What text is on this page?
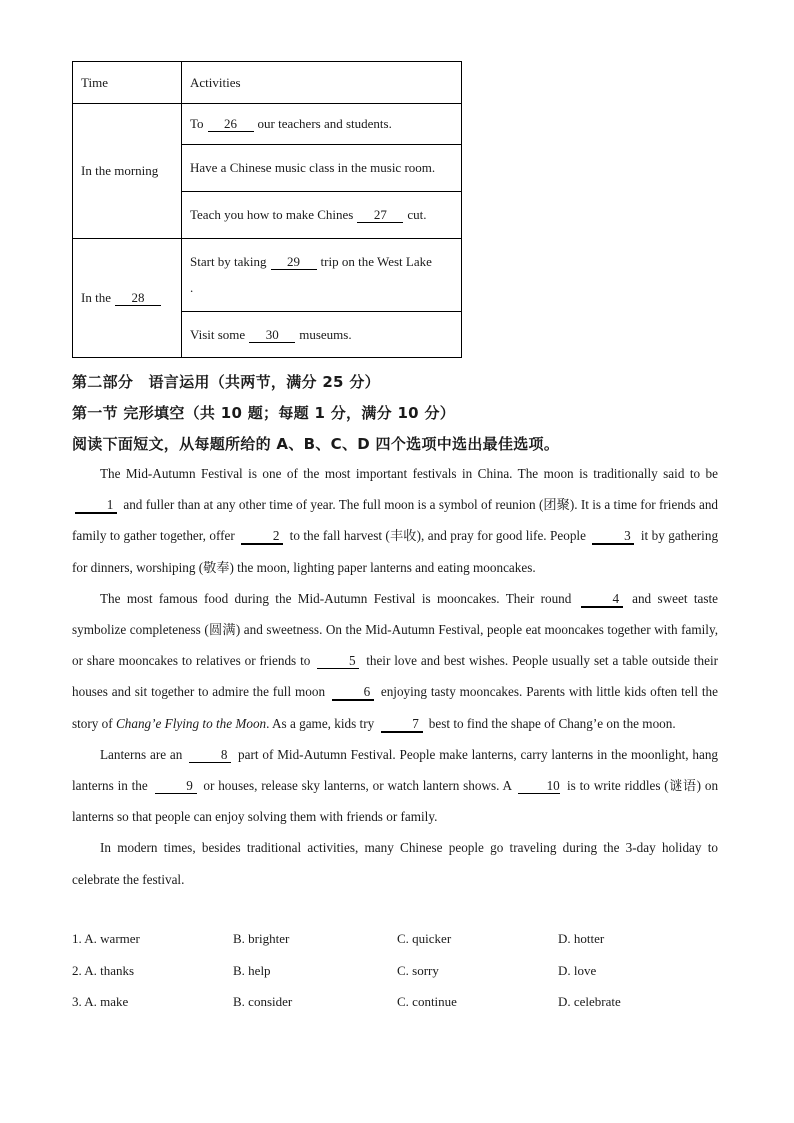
Time	Activities
In the morning	To 26 our teachers and students.
	Have a Chinese music class in the music room.
	Teach you how to make Chines 27 cut.
In the 28	Start by taking 29 trip on the West Lake
.

	Visit some 30 museums.
第二部分　语言运用（共两节，满分 25 分）
第一节 完形填空（共 10 题；每题 1 分，满分 10 分）
阅读下面短文，从每题所给的 A、B、C、D 四个选项中选出最佳选项。

The Mid-Autumn Festival is one of the most important festivals in China. The moon is traditionally said to be 1 and fuller than at any other time of year. The full moon is a symbol of reunion (团聚). It is a time for friends and family to gather together, offer	2 to the fall harvest (丰收), and pray for good life. People	3 it by gathering for dinners, worshiping (敬奉) the moon, lighting paper lanterns and eating mooncakes.

The most famous food during the Mid-Autumn Festival is mooncakes. Their round	4 and sweet taste symbolize completeness (圆满) and sweetness. On the Mid-Autumn Festival, people eat mooncakes together with family, or share mooncakes to relatives or friends to	5 their love and best wishes. People usually set a table outside their houses and sit together to admire the full moon	6 enjoying tasty mooncakes. Parents with little kids often tell the story of Chang’e Flying to the Moon. As a game, kids try	7 best to find the shape of Chang’e on the moon.

Lanterns are an	8 part of Mid-Autumn Festival. People make lanterns, carry lanterns in the moonlight, hang lanterns in the	9 or houses, release sky lanterns, or watch lantern shows. A	10 is to write riddles (谜语) on lanterns so that people can enjoy solving them with friends or family.

In modern times, besides traditional activities, many Chinese people go traveling during the 3-day holiday to celebrate the festival.

1. A. warmer	B. brighter	C. quicker	D. hotter
2. A. thanks	B. help	C. sorry	D. love
3. A. make	B. consider	C. continue	D. celebrate
